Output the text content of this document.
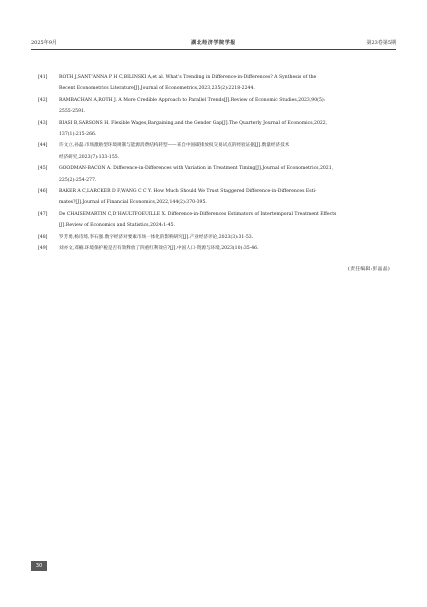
2025年9月	湖北经济学院学报	第23卷第5期
[41]	ROTH J,SANT’ANNA P H C,BILINSKI A,et al. What’s Trending in Difference-in-Differences? A Synthesis of the
Recent Econometrics Literature[J].Journal of Econometrics,2023,235(2):2218-2244.
[42]	RAMBACHAN A,ROTH J. A More Credible Approach to Parallel Trends[J].Review of Economic Studies,2023,90(5):
2555-2591.
[43]	BIASI B,SARSONS H. Flexible Wages,Bargaining,and the Gender Gap[J].The Quarterly Journal of Economics,2022,
137(1):215-266.
[44]	许文立,孙磊.市场激励型环境规制与能源消费结构转型——来自中国碳排放权交易试点的经验证据[J].数量经济技术
经济研究,2023(7):133-155.
[45]	GOODMAN-BACON A. Difference-in-Differences with Variation in Treatment Timing[J].Journal of Econometrics,2021,
225(2):254-277.
[46]	BAKER A C,LARCKER D F,WANG C C Y. How Much Should We Trust Staggered Difference-in-Differences Esti-
mates?[J].Journal of Financial Economics,2022,144(2):370-395.
[47]	De CHAISEMARTIN C,D’HAULTFOEUILLE X. Difference-in-Differences Estimators of Intertemporal Treatment Effects
[J].Review of Economics and Statistics,2024:1-45.
[48]	罗芳勇,杨诗琦,李石强.数字经济对要素市场一体化的影响研究[J].产业经济评论,2023(3):31-53.
[49]	刘亦文,邓楠.环境保护税是否有效释放了四重红利效应?[J].中国人口·资源与环境,2023(10):35-46.
(责任编辑:彭晶晶)
30
